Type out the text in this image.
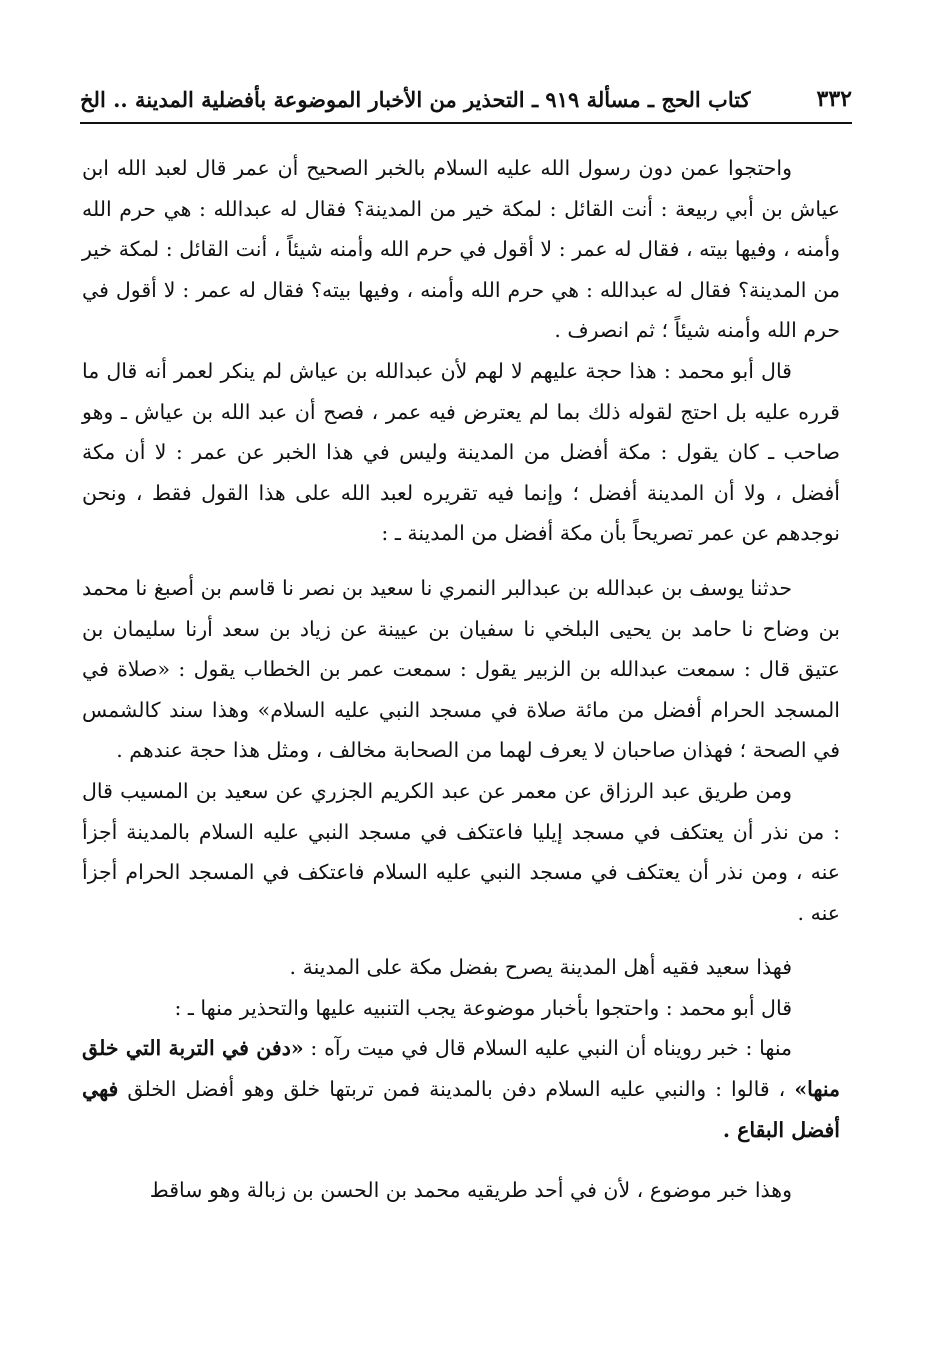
٣٣٢
كتاب الحج ـ مسألة ٩١٩ ـ التحذير من الأخبار الموضوعة بأفضلية المدينة .. الخ

واحتجوا عمن دون رسول الله عليه السلام بالخبر الصحيح أن عمر قال لعبد الله ابن عياش بن أبي ربيعة : أنت القائل : لمكة خير من المدينة؟ فقال له عبدالله : هي حرم الله وأمنه ، وفيها بيته ، فقال له عمر : لا أقول في حرم الله وأمنه شيئاً ، أنت القائل : لمكة خير من المدينة؟ فقال له عبدالله : هي حرم الله وأمنه ، وفيها بيته؟ فقال له عمر : لا أقول في حرم الله وأمنه شيئاً ؛ ثم انصرف .

قال أبو محمد : هذا حجة عليهم لا لهم لأن عبدالله بن عياش لم ينكر لعمر أنه قال ما قرره عليه بل احتج لقوله ذلك بما لم يعترض فيه عمر ، فصح أن عبد الله بن عياش ـ وهو صاحب ـ كان يقول : مكة أفضل من المدينة وليس في هذا الخبر عن عمر : لا أن مكة أفضل ، ولا أن المدينة أفضل ؛ وإنما فيه تقريره لعبد الله على هذا القول فقط ، ونحن نوجدهم عن عمر تصريحاً بأن مكة أفضل من المدينة ـ :

حدثنا يوسف بن عبدالله بن عبدالبر النمري نا سعيد بن نصر نا قاسم بن أصبغ نا محمد بن وضاح نا حامد بن يحيى البلخي نا سفيان بن عيينة عن زياد بن سعد أرنا سليمان بن عتيق قال : سمعت عبدالله بن الزبير يقول : سمعت عمر بن الخطاب يقول : «صلاة في المسجد الحرام أفضل من مائة صلاة في مسجد النبي عليه السلام» وهذا سند كالشمس في الصحة ؛ فهذان صاحبان لا يعرف لهما من الصحابة مخالف ، ومثل هذا حجة عندهم .

ومن طريق عبد الرزاق عن معمر عن عبد الكريم الجزري عن سعيد بن المسيب قال : من نذر أن يعتكف في مسجد إيليا فاعتكف في مسجد النبي عليه السلام بالمدينة أجزأ عنه ، ومن نذر أن يعتكف في مسجد النبي عليه السلام فاعتكف في المسجد الحرام أجزأ عنه .

فهذا سعيد فقيه أهل المدينة يصرح بفضل مكة على المدينة .

قال أبو محمد : واحتجوا بأخبار موضوعة يجب التنبيه عليها والتحذير منها ـ :

منها : خبر رويناه أن النبي عليه السلام قال في ميت رآه : «دفن في التربة التي خلق منها» ، قالوا : والنبي عليه السلام دفن بالمدينة فمن تربتها خلق وهو أفضل الخلق فهي أفضل البقاع .

وهذا خبر موضوع ، لأن في أحد طريقيه محمد بن الحسن بن زبالة وهو ساقط
